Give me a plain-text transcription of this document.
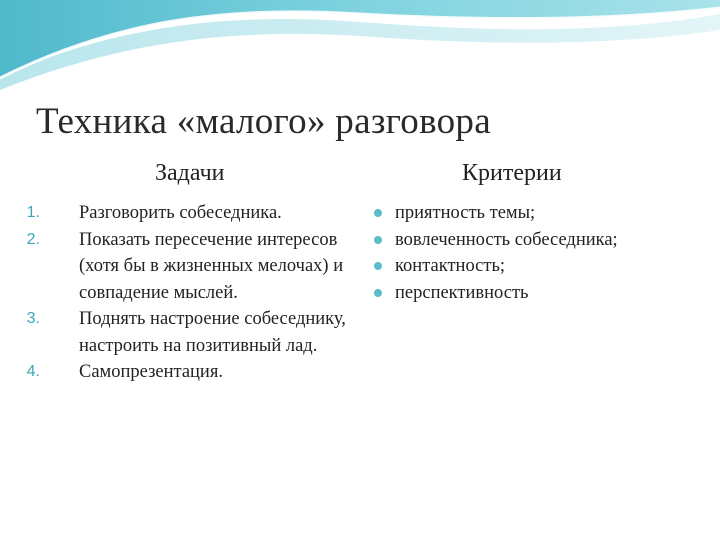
Техника «малого» разговора
Задачи	Критерии
1. Разговорить собеседника.
2. Показать пересечение интересов (хотя бы в жизненных мелочах) и совпадение мыслей.
3. Поднять настроение собеседнику, настроить на позитивный лад.
4. Самопрезентация.
приятность темы;
вовлеченность собеседника;
контактность;
перспективность
